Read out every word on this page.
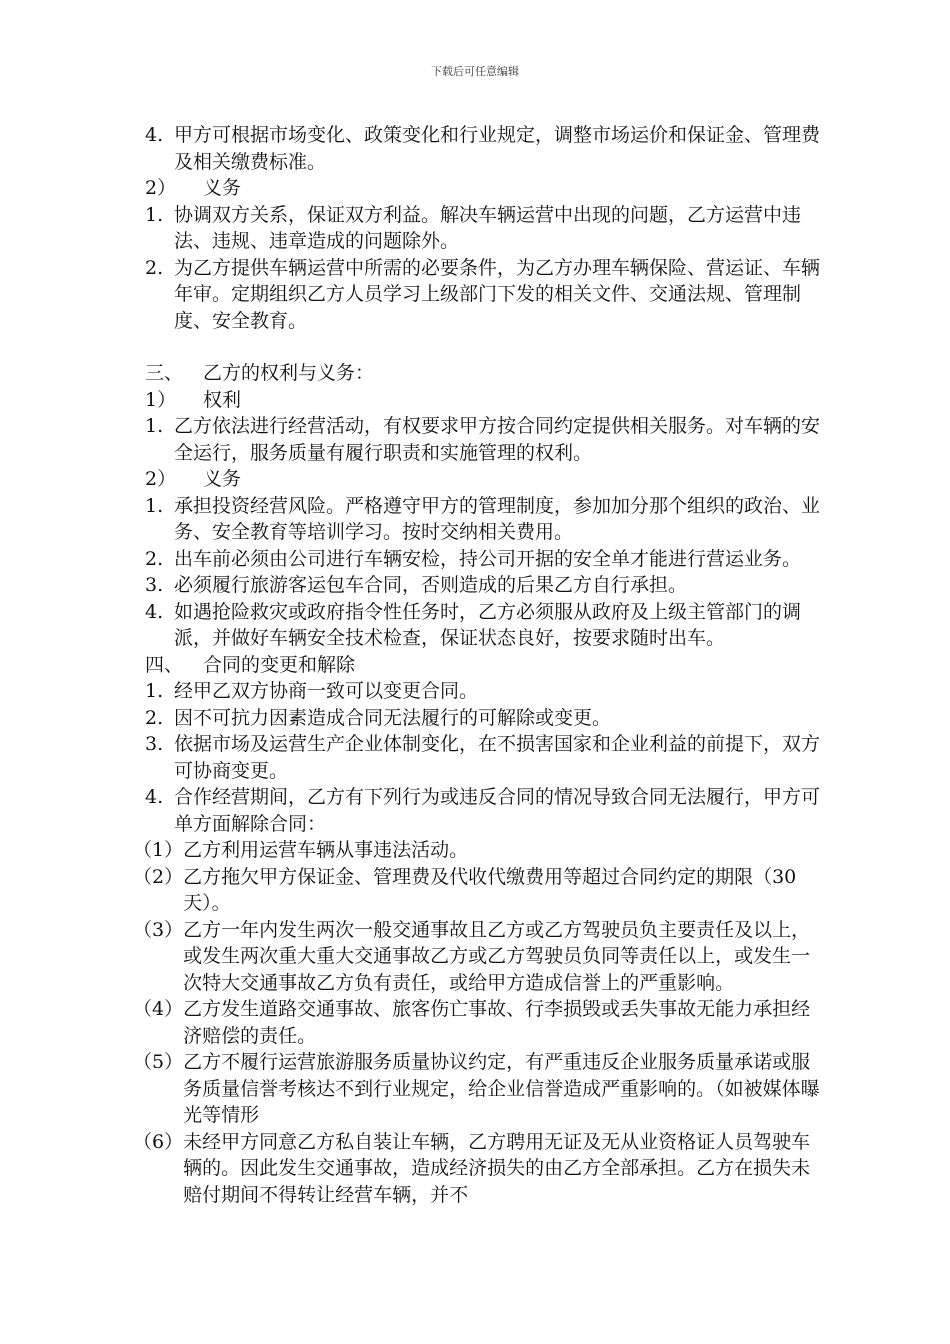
下载后可任意编辑
4. 甲方可根据市场变化、政策变化和行业规定，调整市场运价和保证金、管理费及相关缴费标准。
2）	义务
1. 协调双方关系，保证双方利益。解决车辆运营中出现的问题，乙方运营中违法、违规、违章造成的问题除外。
2. 为乙方提供车辆运营中所需的必要条件，为乙方办理车辆保险、营运证、车辆年审。定期组织乙方人员学习上级部门下发的相关文件、交通法规、管理制度、安全教育。
三、	乙方的权利与义务：
1）	权利
1. 乙方依法进行经营活动，有权要求甲方按合同约定提供相关服务。对车辆的安全运行，服务质量有履行职责和实施管理的权利。
2）	义务
1. 承担投资经营风险。严格遵守甲方的管理制度，参加加分那个组织的政治、业务、安全教育等培训学习。按时交纳相关费用。
2. 出车前必须由公司进行车辆安检，持公司开据的安全单才能进行营运业务。
3. 必须履行旅游客运包车合同，否则造成的后果乙方自行承担。
4. 如遇抢险救灾或政府指令性任务时，乙方必须服从政府及上级主管部门的调派，并做好车辆安全技术检查，保证状态良好，按要求随时出车。
四、	合同的变更和解除
1. 经甲乙双方协商一致可以变更合同。
2. 因不可抗力因素造成合同无法履行的可解除或变更。
3. 依据市场及运营生产企业体制变化，在不损害国家和企业利益的前提下，双方可协商变更。
4. 合作经营期间，乙方有下列行为或违反合同的情况导致合同无法履行，甲方可单方面解除合同：
（1） 乙方利用运营车辆从事违法活动。
（2） 乙方拖欠甲方保证金、管理费及代收代缴费用等超过合同约定的期限（30天）。
（3） 乙方一年内发生两次一般交通事故且乙方或乙方驾驶员负主要责任及以上，或发生两次重大重大交通事故乙方或乙方驾驶员负同等责任以上，或发生一次特大交通事故乙方负有责任，或给甲方造成信誉上的严重影响。
（4） 乙方发生道路交通事故、旅客伤亡事故、行李损毁或丢失事故无能力承担经济赔偿的责任。
（5） 乙方不履行运营旅游服务质量协议约定，有严重违反企业服务质量承诺或服务质量信誉考核达不到行业规定，给企业信誉造成严重影响的。（如被媒体曝光等情形
（6） 未经甲方同意乙方私自装让车辆，乙方聘用无证及无从业资格证人员驾驶车辆的。因此发生交通事故，造成经济损失的由乙方全部承担。乙方在损失未赔付期间不得转让经营车辆，并不
